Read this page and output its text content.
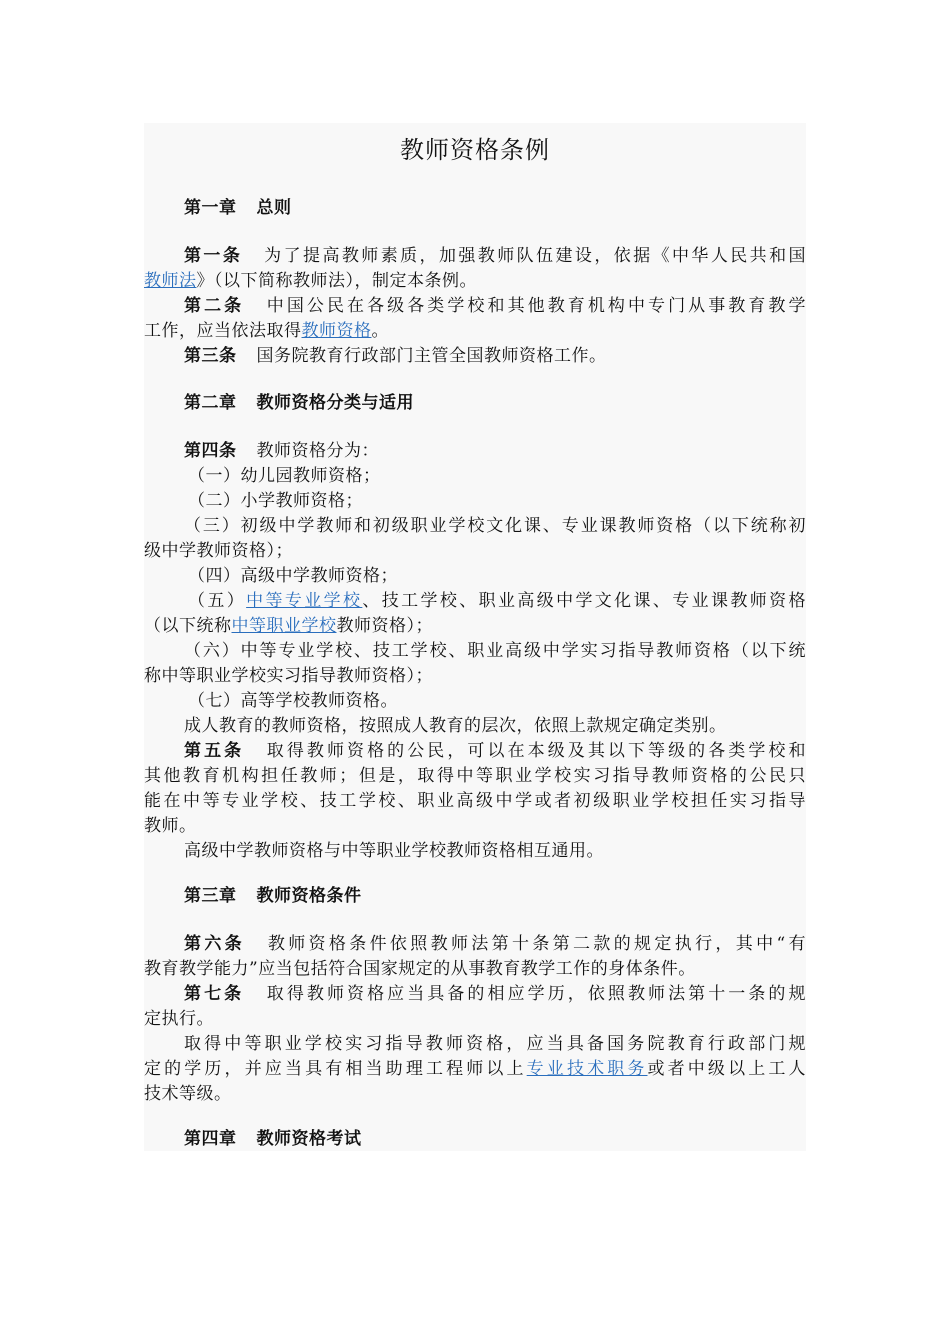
教师资格条例
第一章 总则
第一条 为了提高教师素质，加强教师队伍建设，依据《中华人民共和国
教师法》（以下简称教师法），制定本条例。
第二条 中国公民在各级各类学校和其他教育机构中专门从事教育教学
工作，应当依法取得教师资格。
第三条 国务院教育行政部门主管全国教师资格工作。
第二章 教师资格分类与适用
第四条 教师资格分为：
（一）幼儿园教师资格；
（二）小学教师资格；
（三）初级中学教师和初级职业学校文化课、专业课教师资格（以下统称初
级中学教师资格）；
（四）高级中学教师资格；
（五）中等专业学校、技工学校、职业高级中学文化课、专业课教师资格
（以下统称中等职业学校教师资格）；
（六）中等专业学校、技工学校、职业高级中学实习指导教师资格（以下统
称中等职业学校实习指导教师资格）；
（七）高等学校教师资格。
成人教育的教师资格，按照成人教育的层次，依照上款规定确定类别。
第五条 取得教师资格的公民，可以在本级及其以下等级的各类学校和
其他教育机构担任教师；但是，取得中等职业学校实习指导教师资格的公民只
能在中等专业学校、技工学校、职业高级中学或者初级职业学校担任实习指导
教师。
高级中学教师资格与中等职业学校教师资格相互通用。
第三章 教师资格条件
第六条 教师资格条件依照教师法第十条第二款的规定执行，其中“有
教育教学能力”应当包括符合国家规定的从事教育教学工作的身体条件。
第七条 取得教师资格应当具备的相应学历，依照教师法第十一条的规
定执行。
取得中等职业学校实习指导教师资格，应当具备国务院教育行政部门规
定的学历，并应当具有相当助理工程师以上专业技术职务或者中级以上工人
技术等级。
第四章 教师资格考试
